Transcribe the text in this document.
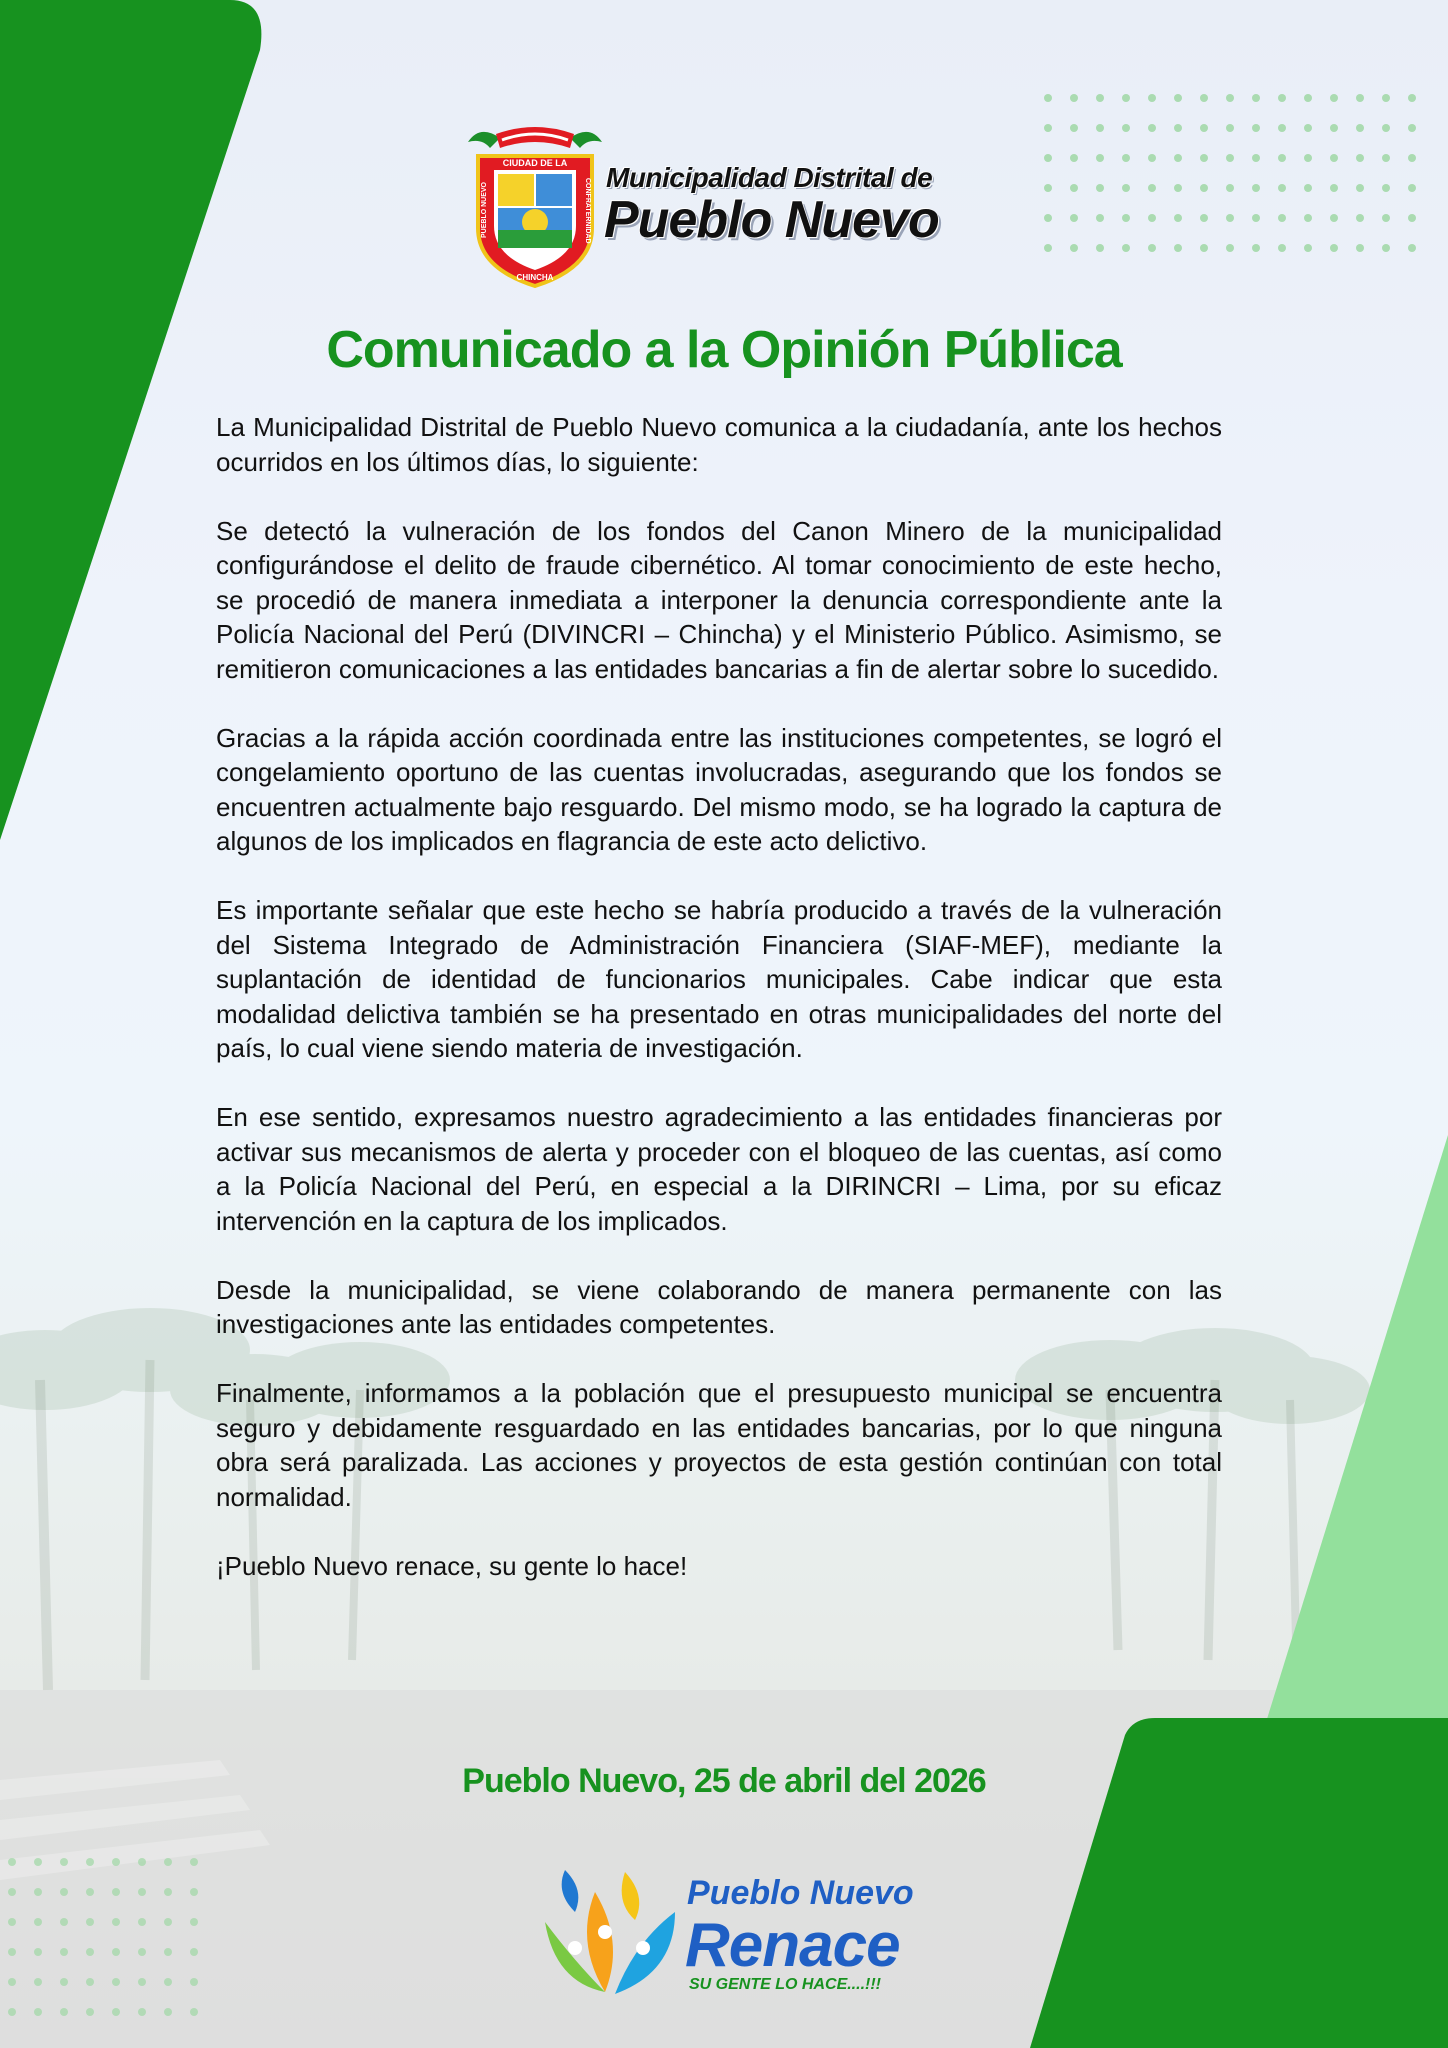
CIUDAD DE LA
CHINCHA
PUEBLO NUEVO	CONFRATERNIDAD
Municipalidad Distrital de
Pueblo Nuevo
Comunicado a la Opinión Pública

La Municipalidad Distrital de Pueblo Nuevo comunica a la ciudadanía, ante los hechos ocurridos en los últimos días, lo siguiente:

Se detectó la vulneración de los fondos del Canon Minero de la municipalidad configurándose el delito de fraude cibernético. Al tomar conocimiento de este hecho, se procedió de manera inmediata a interponer la denuncia correspondiente ante la Policía Nacional del Perú (DIVINCRI – Chincha) y el Ministerio Público. Asimismo, se remitieron comunicaciones a las entidades bancarias a fin de alertar sobre lo sucedido.

Gracias a la rápida acción coordinada entre las instituciones competentes, se logró el congelamiento oportuno de las cuentas involucradas, asegurando que los fondos se encuentren actualmente bajo resguardo. Del mismo modo, se ha logrado la captura de algunos de los implicados en flagrancia de este acto delictivo.

Es importante señalar que este hecho se habría producido a través de la vulneración del Sistema Integrado de Administración Financiera (SIAF-MEF), mediante la suplantación de identidad de funcionarios municipales. Cabe indicar que esta modalidad delictiva también se ha presentado en otras municipalidades del norte del país, lo cual viene siendo materia de investigación.

En ese sentido, expresamos nuestro agradecimiento a las entidades financieras por activar sus mecanismos de alerta y proceder con el bloqueo de las cuentas, así como a la Policía Nacional del Perú, en especial a la DIRINCRI – Lima, por su eficaz intervención en la captura de los implicados.

Desde la municipalidad, se viene colaborando de manera permanente con las investigaciones ante las entidades competentes.

Finalmente, informamos a la población que el presupuesto municipal se encuentra seguro y debidamente resguardado en las entidades bancarias, por lo que ninguna obra será paralizada. Las acciones y proyectos de esta gestión continúan con total normalidad.

¡Pueblo Nuevo renace, su gente lo hace!

Pueblo Nuevo, 25 de abril del 2026
Pueblo Nuevo
Renace
SU GENTE LO HACE....!!!
